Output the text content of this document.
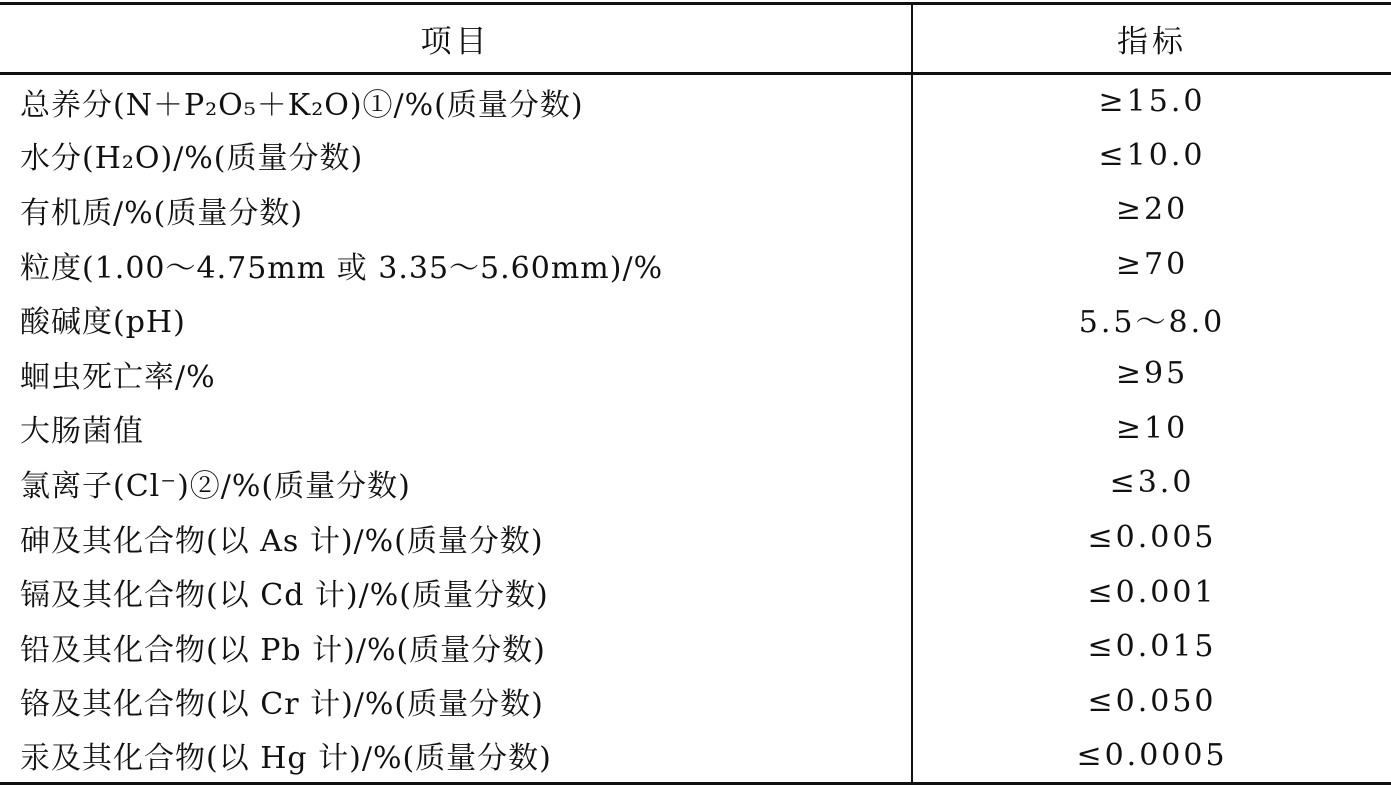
项目	指标
总养分(N＋P₂O₅＋K₂O)①/%(质量分数)	≥15.0
水分(H₂O)/%(质量分数)	≤10.0
有机质/%(质量分数)	≥20
粒度(1.00～4.75mm 或 3.35～5.60mm)/%	≥70
酸碱度(pH)	5.5～8.0
蛔虫死亡率/%	≥95
大肠菌值	≥10
氯离子(Cl⁻)②/%(质量分数)	≤3.0
砷及其化合物(以 As 计)/%(质量分数)	≤0.005
镉及其化合物(以 Cd 计)/%(质量分数)	≤0.001
铅及其化合物(以 Pb 计)/%(质量分数)	≤0.015
铬及其化合物(以 Cr 计)/%(质量分数)	≤0.050
汞及其化合物(以 Hg 计)/%(质量分数)	≤0.0005
